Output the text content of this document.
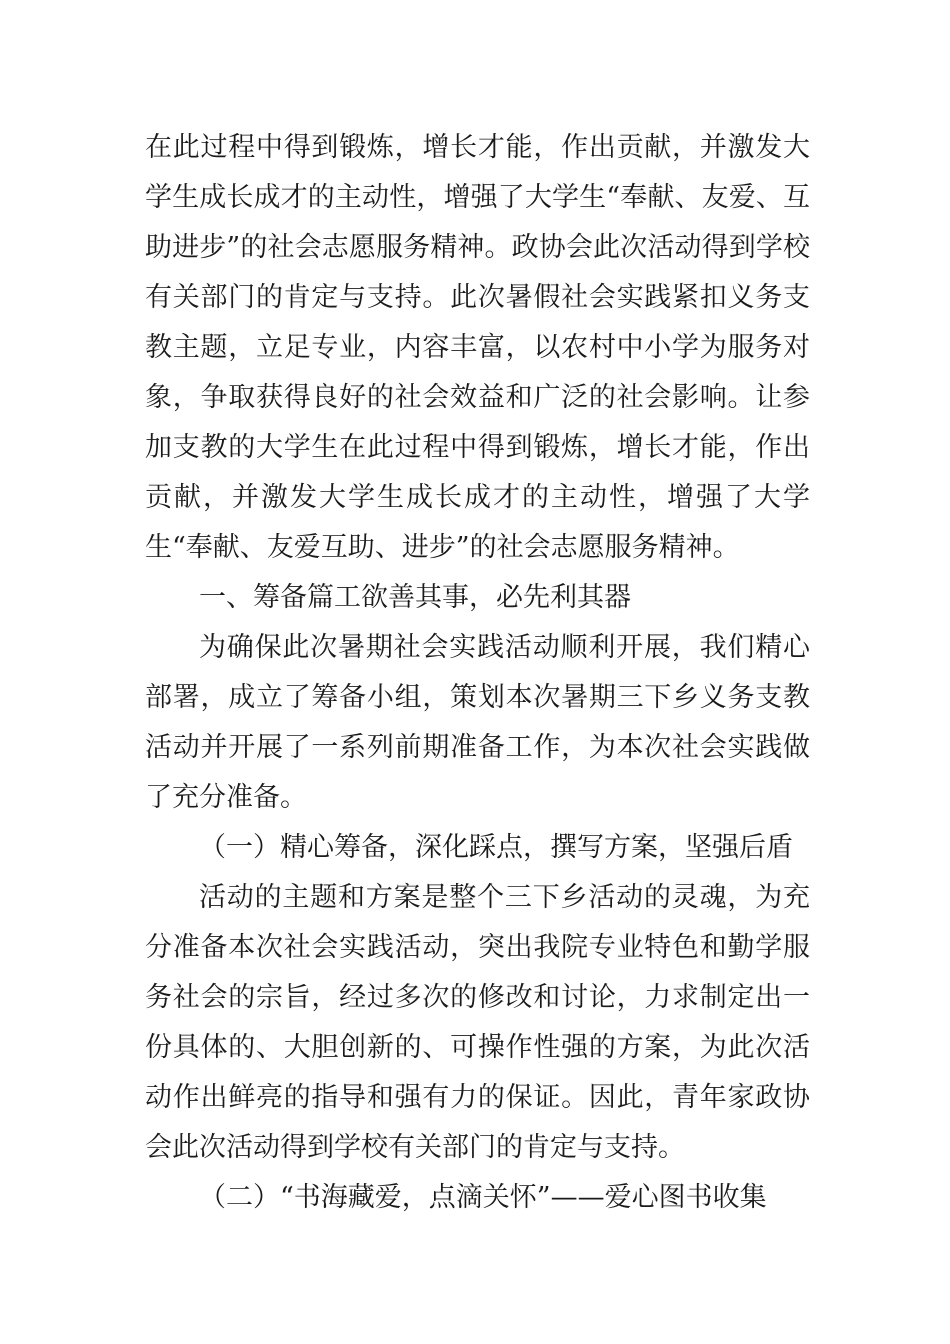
在此过程中得到锻炼，增长才能，作出贡献，并激发大学生成长成才的主动性，增强了大学生“奉献、友爱、互助进步”的社会志愿服务精神。政协会此次活动得到学校有关部门的肯定与支持。此次暑假社会实践紧扣义务支教主题，立足专业，内容丰富，以农村中小学为服务对象，争取获得良好的社会效益和广泛的社会影响。让参加支教的大学生在此过程中得到锻炼，增长才能，作出贡献，并激发大学生成长成才的主动性，增强了大学生“奉献、友爱互助、进步”的社会志愿服务精神。

一、筹备篇工欲善其事，必先利其器

为确保此次暑期社会实践活动顺利开展，我们精心部署，成立了筹备小组，策划本次暑期三下乡义务支教活动并开展了一系列前期准备工作，为本次社会实践做了充分准备。

（一）精心筹备，深化踩点，撰写方案，坚强后盾

活动的主题和方案是整个三下乡活动的灵魂，为充分准备本次社会实践活动，突出我院专业特色和勤学服务社会的宗旨，经过多次的修改和讨论，力求制定出一份具体的、大胆创新的、可操作性强的方案，为此次活动作出鲜亮的指导和强有力的保证。因此，青年家政协会此次活动得到学校有关部门的肯定与支持。

（二）“书海藏爱，点滴关怀”——爱心图书收集
